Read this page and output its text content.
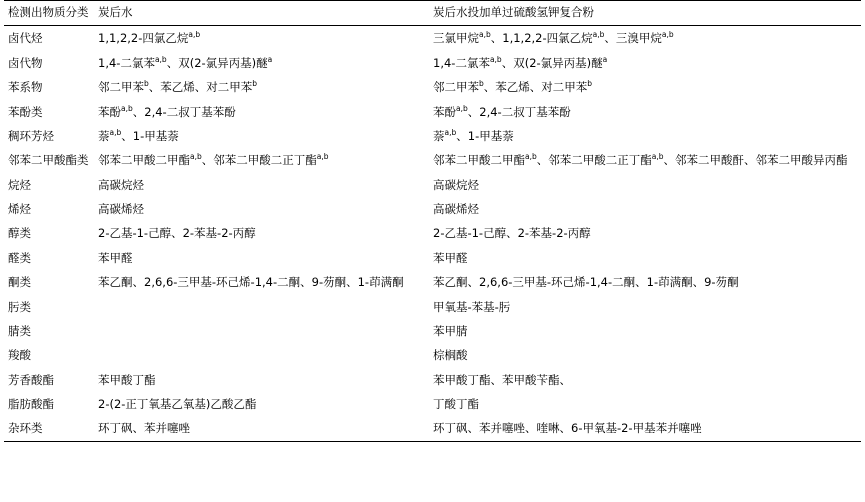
检测出物质分类	炭后水	炭后水投加单过硫酸氢钾复合粉
卤代烃	1,1,2,2-四氯乙烷$^{a,b}$	三氯甲烷$^{a,b}$、1,1,2,2-四氯乙烷$^{a,b}$、三溴甲烷$^{a,b}$
卤代物	1,4-二氯苯$^{a,b}$、双(2-氯异丙基)醚$^a$	1,4-二氯苯$^{a,b}$、双(2-氯异丙基)醚$^a$
苯系物	邻二甲苯$^b$、苯乙烯、对二甲苯$^b$	邻二甲苯$^b$、苯乙烯、对二甲苯$^b$
苯酚类	苯酚$^{a,b}$、2,4-二叔丁基苯酚	苯酚$^{a,b}$、2,4-二叔丁基苯酚
稠环芳烃	萘$^{a,b}$、1-甲基萘	萘$^{a,b}$、1-甲基萘
邻苯二甲酸酯类	邻苯二甲酸二甲酯$^{a,b}$、邻苯二甲酸二正丁酯$^{a,b}$	邻苯二甲酸二甲酯$^{a,b}$、邻苯二甲酸二正丁酯$^{a,b}$、邻苯二甲酸酐、邻苯二甲酸异丙酯
烷烃	高碳烷烃	高碳烷烃
烯烃	高碳烯烃	高碳烯烃
醇类	2-乙基-1-己醇、2-苯基-2-丙醇	2-乙基-1-己醇、2-苯基-2-丙醇
醛类	苯甲醛	苯甲醛
酮类	苯乙酮、2,6,6-三甲基-环己烯-1,4-二酮、9-芴酮、1-茚满酮	苯乙酮、2,6,6-三甲基-环己烯-1,4-二酮、1-茚满酮、9-芴酮
肟类		甲氧基-苯基-肟
腈类		苯甲腈
羧酸		棕榈酸
芳香酸酯	苯甲酸丁酯	苯甲酸丁酯、苯甲酸苄酯、
脂肪酸酯	2-(2-正丁氧基乙氧基)乙酸乙酯	丁酸丁酯
杂环类	环丁砜、苯并噻唑	环丁砜、苯并噻唑、喹啉、6-甲氧基-2-甲基苯并噻唑
